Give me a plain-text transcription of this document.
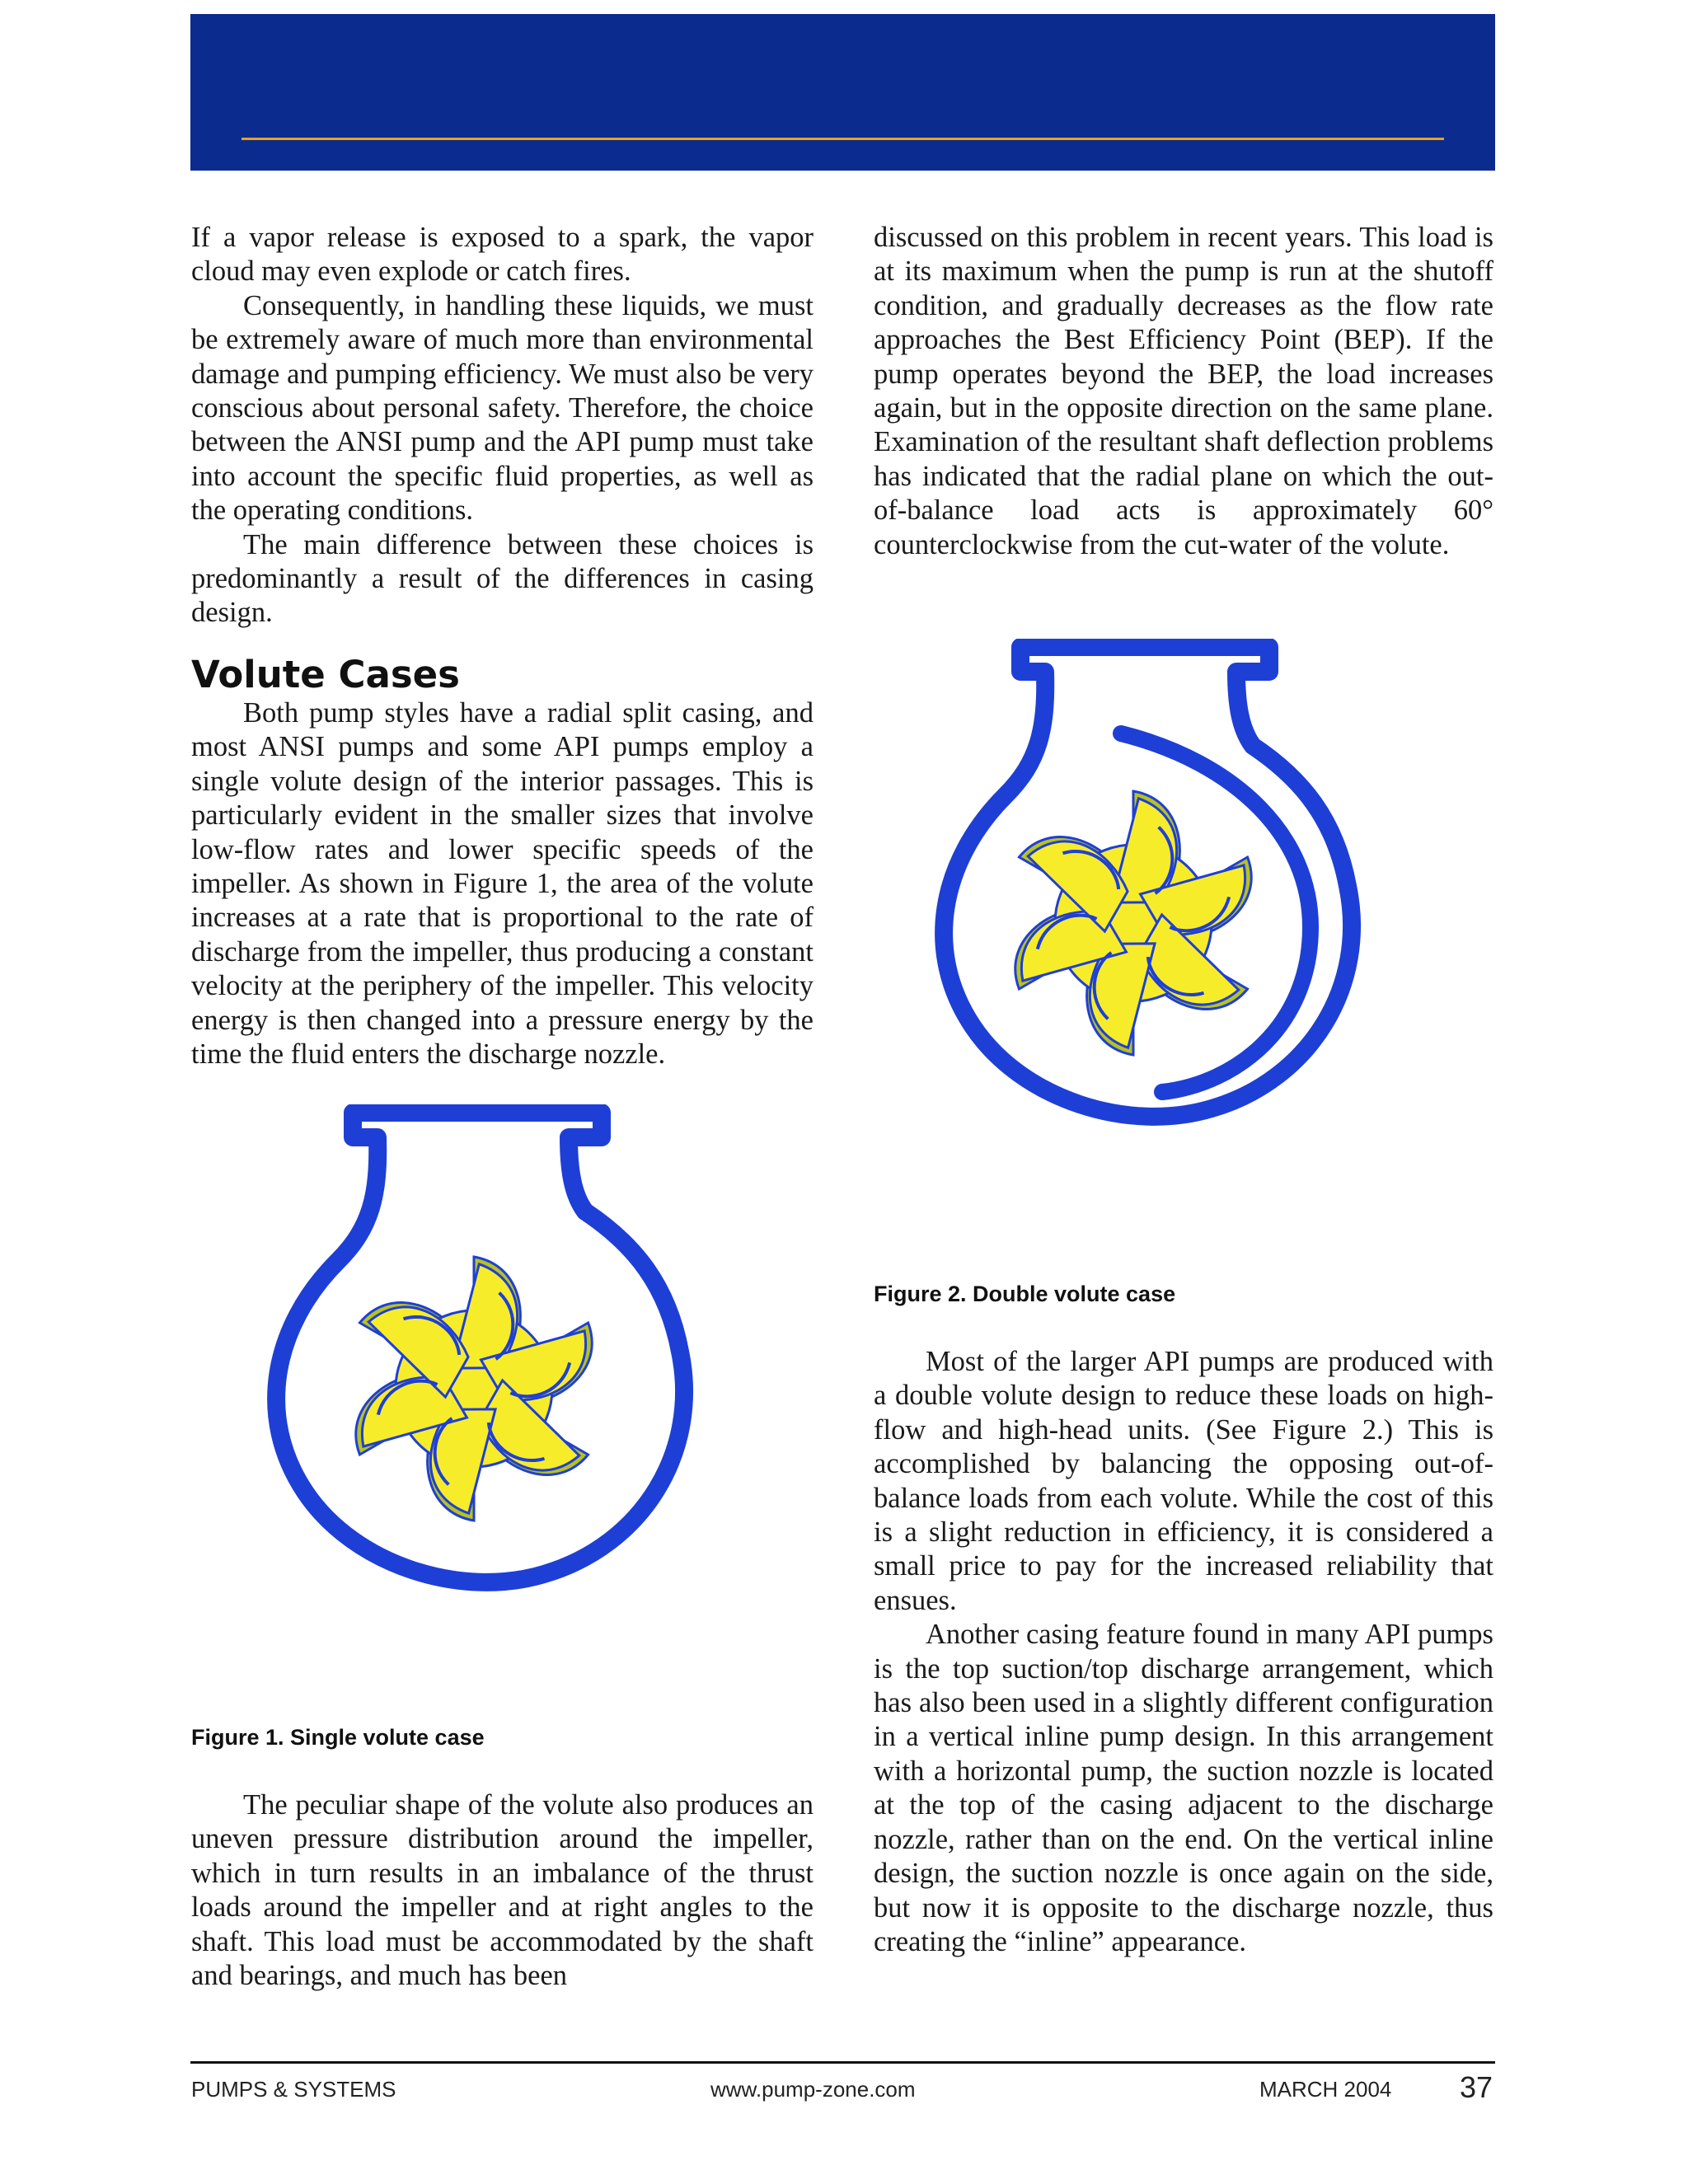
If a vapor release is exposed to a spark, the vapor cloud may even explode or catch fires.

Consequently, in handling these liquids, we must be extremely aware of much more than environmental damage and pumping efficiency. We must also be very conscious about personal safety. Therefore, the choice between the ANSI pump and the API pump must take into account the specific fluid properties, as well as the operating conditions.

The main difference between these choices is predominantly a result of the differences in casing design.

Volute Cases

Both pump styles have a radial split casing, and most ANSI pumps and some API pumps employ a single volute design of the interior passages. This is particularly evident in the smaller sizes that involve low-flow rates and lower specific speeds of the impeller. As shown in Figure 1, the area of the volute increases at a rate that is proportional to the rate of discharge from the impeller, thus producing a constant velocity at the periphery of the impeller. This velocity energy is then changed into a pressure energy by the time the fluid enters the discharge nozzle.

Figure 1. Single volute case

The peculiar shape of the volute also produces an uneven pressure distribution around the impeller, which in turn results in an imbalance of the thrust loads around the impeller and at right angles to the shaft. This load must be accommodated by the shaft and bearings, and much has been

discussed on this problem in recent years. This load is at its maximum when the pump is run at the shutoff condition, and gradually decreases as the flow rate approaches the Best Efficiency Point (BEP). If the pump operates beyond the BEP, the load increases again, but in the opposite direction on the same plane. Examination of the resultant shaft deflection problems has indicated that the radial plane on which the out-of-balance load acts is approximately 60° counterclockwise from the cut-water of the volute.

Figure 2. Double volute case

Most of the larger API pumps are produced with a double volute design to reduce these loads on high-flow and high-head units. (See Figure 2.) This is accomplished by balancing the opposing out-of-balance loads from each volute. While the cost of this is a slight reduction in efficiency, it is considered a small price to pay for the increased reliability that ensues.

Another casing feature found in many API pumps is the top suction/top discharge arrangement, which has also been used in a slightly different configuration in a vertical inline pump design. In this arrangement with a horizontal pump, the suction nozzle is located at the top of the casing adjacent to the discharge nozzle, rather than on the end. On the vertical inline design, the suction nozzle is once again on the side, but now it is opposite to the discharge nozzle, thus creating the “inline” appearance.

PUMPS & SYSTEMS	www.pump-zone.com	MARCH 2004 37
